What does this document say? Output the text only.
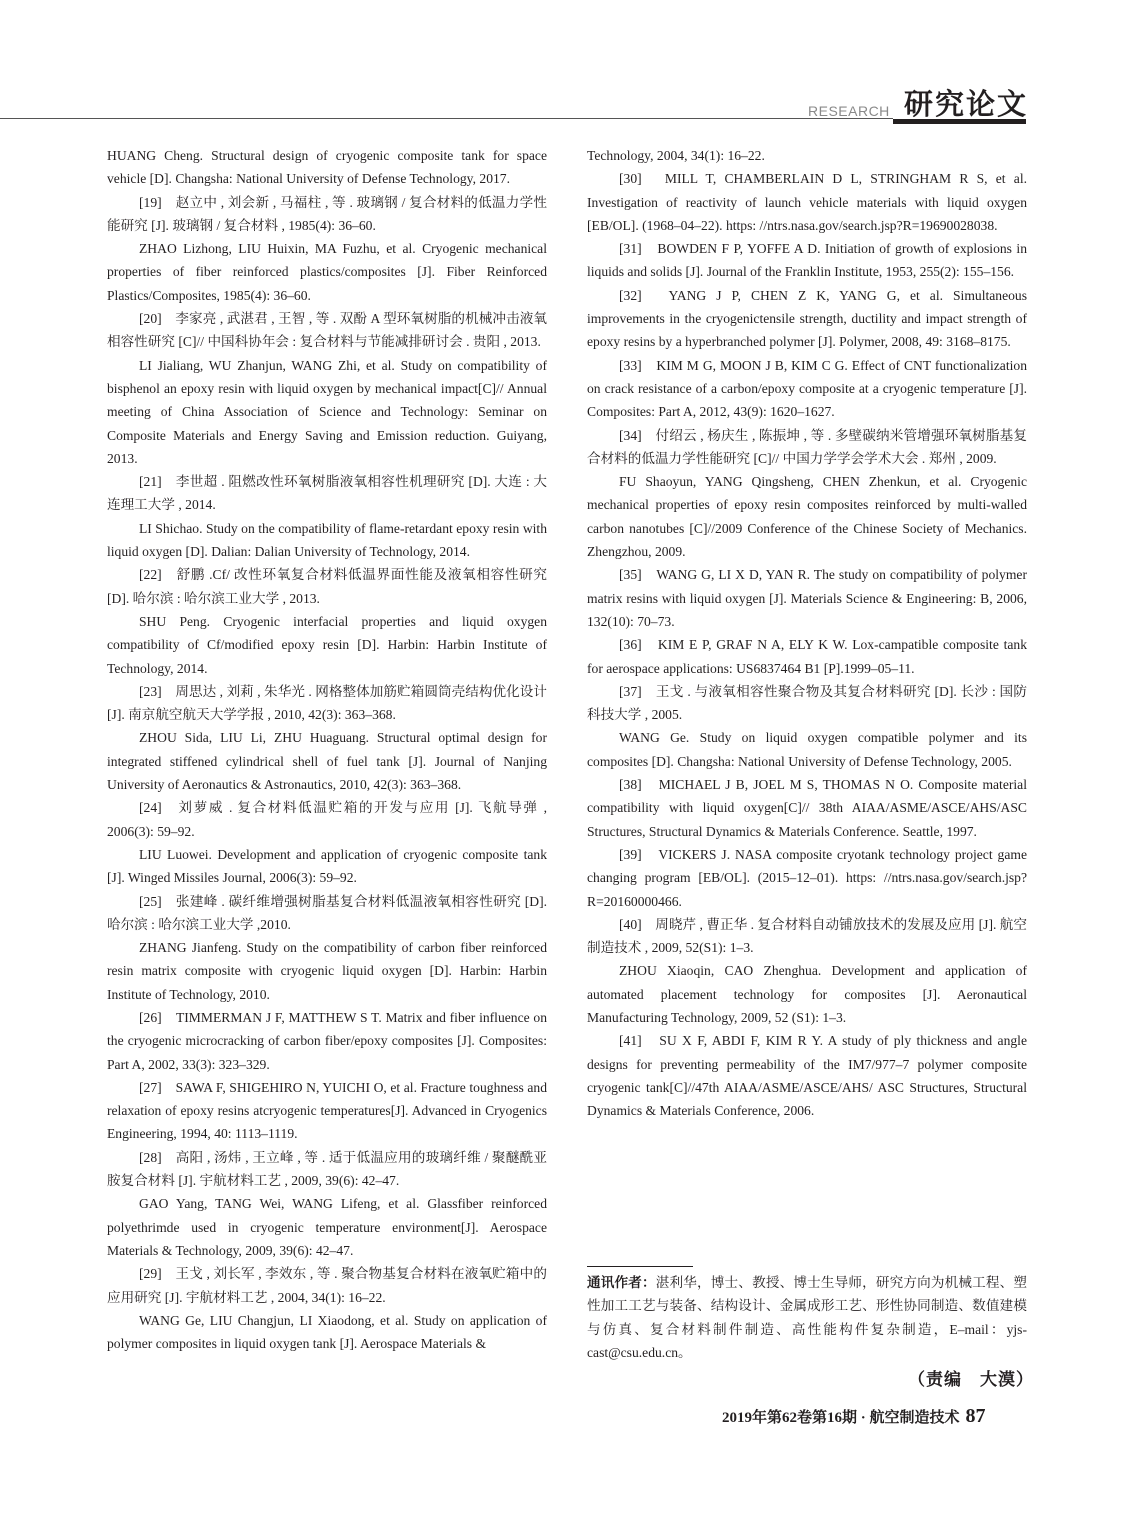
RESEARCH 研究论文

HUANG Cheng. Structural design of cryogenic composite tank for space vehicle [D]. Changsha: National University of Defense Technology, 2017.

[19]　赵立中 , 刘会新 , 马福柱 , 等 . 玻璃钢 / 复合材料的低温力学性能研究 [J]. 玻璃钢 / 复合材料 , 1985(4): 36–60.

ZHAO Lizhong, LIU Huixin, MA Fuzhu, et al. Cryogenic mechanical properties of fiber reinforced plastics/composites [J]. Fiber Reinforced Plastics/Composites, 1985(4): 36–60.

[20]　李家亮 , 武湛君 , 王智 , 等 . 双酚 A 型环氧树脂的机械冲击液氧相容性研究 [C]// 中国科协年会 : 复合材料与节能减排研讨会 . 贵阳 , 2013.

LI Jialiang, WU Zhanjun, WANG Zhi, et al. Study on compatibility of bisphenol an epoxy resin with liquid oxygen by mechanical impact[C]// Annual meeting of China Association of Science and Technology: Seminar on Composite Materials and Energy Saving and Emission reduction. Guiyang, 2013.

[21]　李世超 . 阻燃改性环氧树脂液氧相容性机理研究 [D]. 大连 : 大连理工大学 , 2014.

LI Shichao. Study on the compatibility of flame-retardant epoxy resin with liquid oxygen [D]. Dalian: Dalian University of Technology, 2014.

[22]　舒鹏 .Cf/ 改性环氧复合材料低温界面性能及液氧相容性研究 [D]. 哈尔滨 : 哈尔滨工业大学 , 2013.

SHU Peng. Cryogenic interfacial properties and liquid oxygen compatibility of Cf/modified epoxy resin [D]. Harbin: Harbin Institute of Technology, 2014.

[23]　周思达 , 刘莉 , 朱华光 . 网格整体加筋贮箱圆筒壳结构优化设计 [J]. 南京航空航天大学学报 , 2010, 42(3): 363–368.

ZHOU Sida, LIU Li, ZHU Huaguang. Structural optimal design for integrated stiffened cylindrical shell of fuel tank [J]. Journal of Nanjing University of Aeronautics & Astronautics, 2010, 42(3): 363–368.

[24]　刘萝威 . 复合材料低温贮箱的开发与应用 [J]. 飞航导弹 , 2006(3): 59–92.

LIU Luowei. Development and application of cryogenic composite tank [J]. Winged Missiles Journal, 2006(3): 59–92.

[25]　张建峰 . 碳纤维增强树脂基复合材料低温液氧相容性研究 [D]. 哈尔滨 : 哈尔滨工业大学 ,2010.

ZHANG Jianfeng. Study on the compatibility of carbon fiber reinforced resin matrix composite with cryogenic liquid oxygen [D]. Harbin: Harbin Institute of Technology, 2010.

[26]　TIMMERMAN J F, MATTHEW S T. Matrix and fiber influence on the cryogenic microcracking of carbon fiber/epoxy composites [J]. Composites: Part A, 2002, 33(3): 323–329.

[27]　SAWA F, SHIGEHIRO N, YUICHI O, et al. Fracture toughness and relaxation of epoxy resins atcryogenic temperatures[J]. Advanced in Cryogenics Engineering, 1994, 40: 1113–1119.

[28]　高阳 , 汤炜 , 王立峰 , 等 . 适于低温应用的玻璃纤维 / 聚醚酰亚胺复合材料 [J]. 宇航材料工艺 , 2009, 39(6): 42–47.

GAO Yang, TANG Wei, WANG Lifeng, et al. Glassfiber reinforced polyethrimde used in cryogenic temperature environment[J]. Aerospace Materials & Technology, 2009, 39(6): 42–47.

[29]　王戈 , 刘长军 , 李效东 , 等 . 聚合物基复合材料在液氧贮箱中的应用研究 [J]. 宇航材料工艺 , 2004, 34(1): 16–22.

WANG Ge, LIU Changjun, LI Xiaodong, et al. Study on application of polymer composites in liquid oxygen tank [J]. Aerospace Materials &

Technology, 2004, 34(1): 16–22.

[30]　MILL T, CHAMBERLAIN D L, STRINGHAM R S, et al. Investigation of reactivity of launch vehicle materials with liquid oxygen [EB/OL]. (1968–04–22). https: //ntrs.nasa.gov/search.jsp?R=19690028038.

[31]　BOWDEN F P, YOFFE A D. Initiation of growth of explosions in liquids and solids [J]. Journal of the Franklin Institute, 1953, 255(2): 155–156.

[32]　YANG J P, CHEN Z K, YANG G, et al. Simultaneous improvements in the cryogenictensile strength, ductility and impact strength of epoxy resins by a hyperbranched polymer [J]. Polymer, 2008, 49: 3168–8175.

[33]　KIM M G, MOON J B, KIM C G. Effect of CNT functionalization on crack resistance of a carbon/epoxy composite at a cryogenic temperature [J]. Composites: Part A, 2012, 43(9): 1620–1627.

[34]　付绍云 , 杨庆生 , 陈振坤 , 等 . 多壁碳纳米管增强环氧树脂基复合材料的低温力学性能研究 [C]// 中国力学学会学术大会 . 郑州 , 2009.

FU Shaoyun, YANG Qingsheng, CHEN Zhenkun, et al. Cryogenic mechanical properties of epoxy resin composites reinforced by multi-walled carbon nanotubes [C]//2009 Conference of the Chinese Society of Mechanics. Zhengzhou, 2009.

[35]　WANG G, LI X D, YAN R. The study on compatibility of polymer matrix resins with liquid oxygen [J]. Materials Science & Engineering: B, 2006, 132(10): 70–73.

[36]　KIM E P, GRAF N A, ELY K W. Lox-campatible composite tank for aerospace applications: US6837464 B1 [P].1999–05–11.

[37]　王戈 . 与液氧相容性聚合物及其复合材料研究 [D]. 长沙 : 国防科技大学 , 2005.

WANG Ge. Study on liquid oxygen compatible polymer and its composites [D]. Changsha: National University of Defense Technology, 2005.

[38]　MICHAEL J B, JOEL M S, THOMAS N O. Composite material compatibility with liquid oxygen[C]// 38th AIAA/ASME/ASCE/AHS/ASC Structures, Structural Dynamics & Materials Conference. Seattle, 1997.

[39]　VICKERS J. NASA composite cryotank technology project game changing program [EB/OL]. (2015–12–01). https: //ntrs.nasa.gov/search.jsp?R=20160000466.

[40]　周晓芹 , 曹正华 . 复合材料自动铺放技术的发展及应用 [J]. 航空制造技术 , 2009, 52(S1): 1–3.

ZHOU Xiaoqin, CAO Zhenghua. Development and application of automated placement technology for composites [J]. Aeronautical Manufacturing Technology, 2009, 52 (S1): 1–3.

[41]　SU X F, ABDI F, KIM R Y. A study of ply thickness and angle designs for preventing permeability of the IM7/977–7 polymer composite cryogenic tank[C]//47th AIAA/ASME/ASCE/AHS/ ASC Structures, Structural Dynamics & Materials Conference, 2006.

通讯作者：湛利华，博士、教授、博士生导师，研究方向为机械工程、塑性加工工艺与装备、结构设计、金属成形工艺、形性协同制造、数值建模与仿真、复合材料制件制造、高性能构件复杂制造，E–mail：yjs-cast@csu.edu.cn。
（责编　大漠）
2019年第62卷第16期 · 航空制造技术 87
